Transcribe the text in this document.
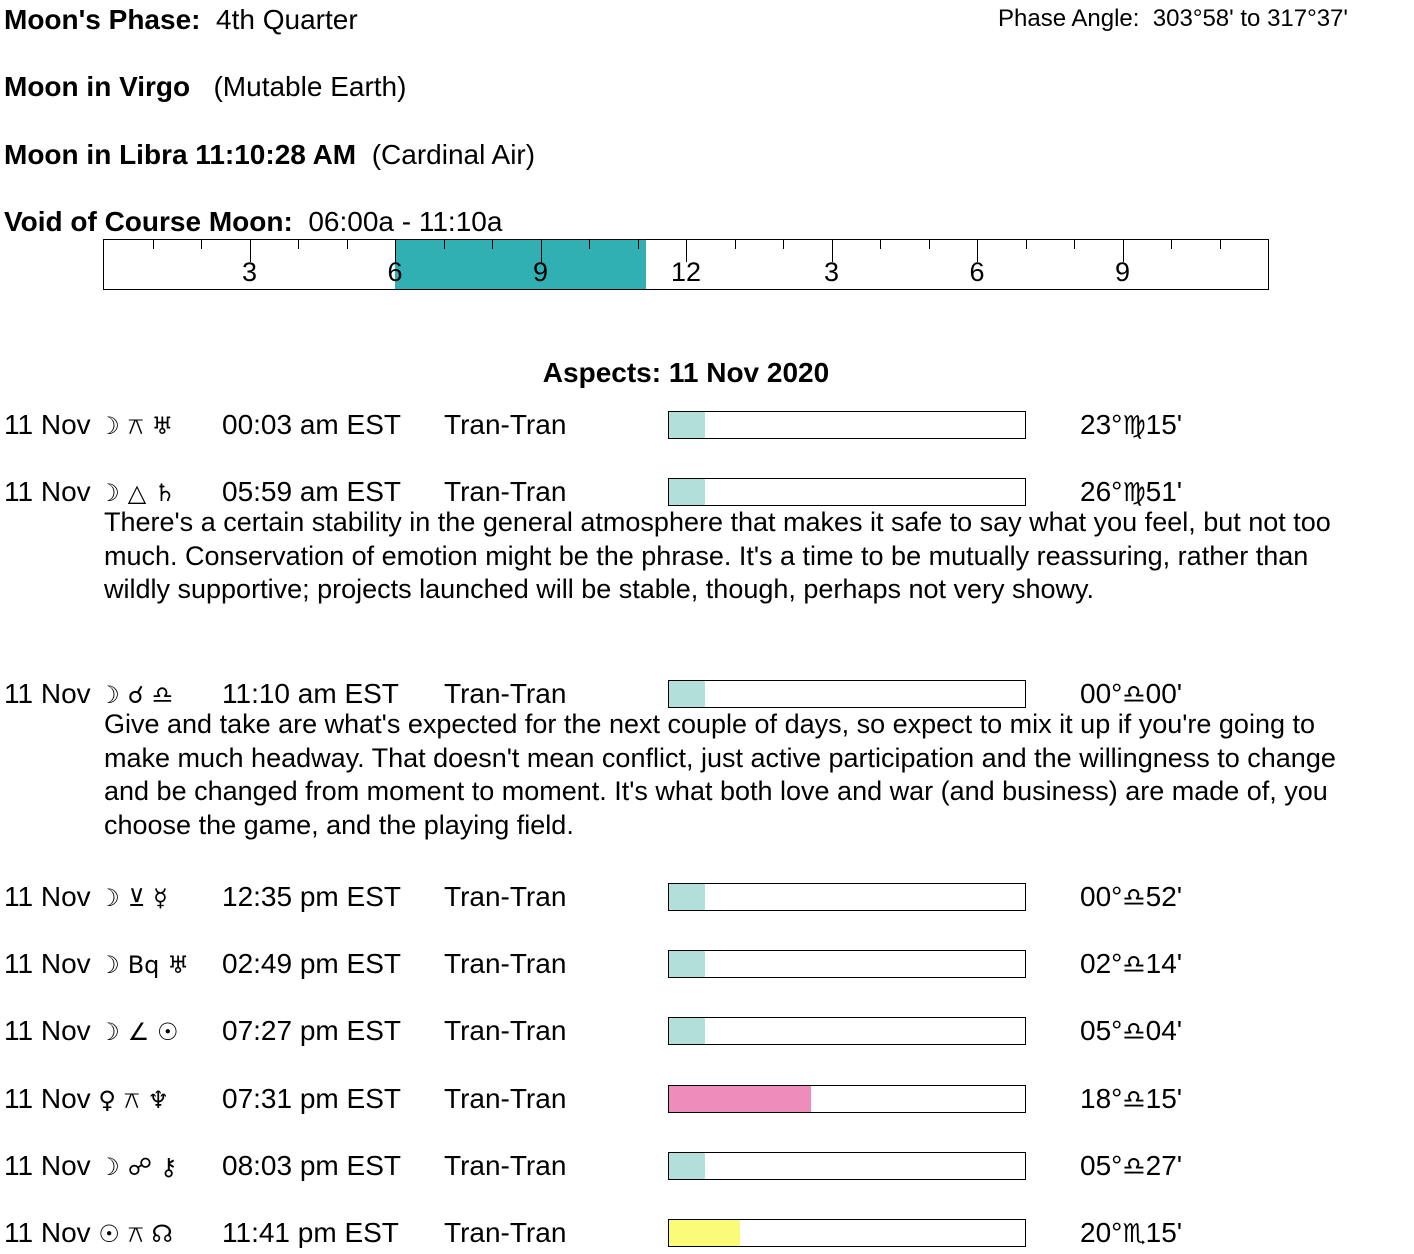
Moon's Phase: 4th Quarter	Phase Angle: 303°58' to 317°37'
Moon in Virgo (Mutable Earth)
Moon in Libra 11:10:28 AM (Cardinal Air)
Void of Course Moon: 06:00a - 11:10a
3	6	9	12	3	6	9
Aspects: 11 Nov 2020
11 Nov ☽ ⚻ ♅ 00:03 am EST Tran-Tran	23°♍15'
11 Nov ☽ △ ♄ 05:59 am EST Tran-Tran	26°♍51'
There's a certain stability in the general atmosphere that makes it safe to say what you feel, but not too much. Conservation of emotion might be the phrase. It's a time to be mutually reassuring, rather than wildly supportive; projects launched will be stable, though, perhaps not very showy.
11 Nov ☽ ☌ ♎ 11:10 am EST Tran-Tran	00°♎00'
Give and take are what's expected for the next couple of days, so expect to mix it up if you're going to make much headway. That doesn't mean conflict, just active participation and the willingness to change and be changed from moment to moment. It's what both love and war (and business) are made of, you choose the game, and the playing field.
11 Nov ☽ ⊻ ☿ 12:35 pm EST Tran-Tran	00°♎52'
11 Nov ☽ Bq ♅ 02:49 pm EST Tran-Tran	02°♎14'
11 Nov ☽ ∠ ☉ 07:27 pm EST Tran-Tran	05°♎04'
11 Nov ♀ ⚻ ♆ 07:31 pm EST Tran-Tran	18°♎15'
11 Nov ☽ ☍ ⚷ 08:03 pm EST Tran-Tran	05°♎27'
11 Nov ☉ ⚻ ☊ 11:41 pm EST Tran-Tran	20°♏15'
